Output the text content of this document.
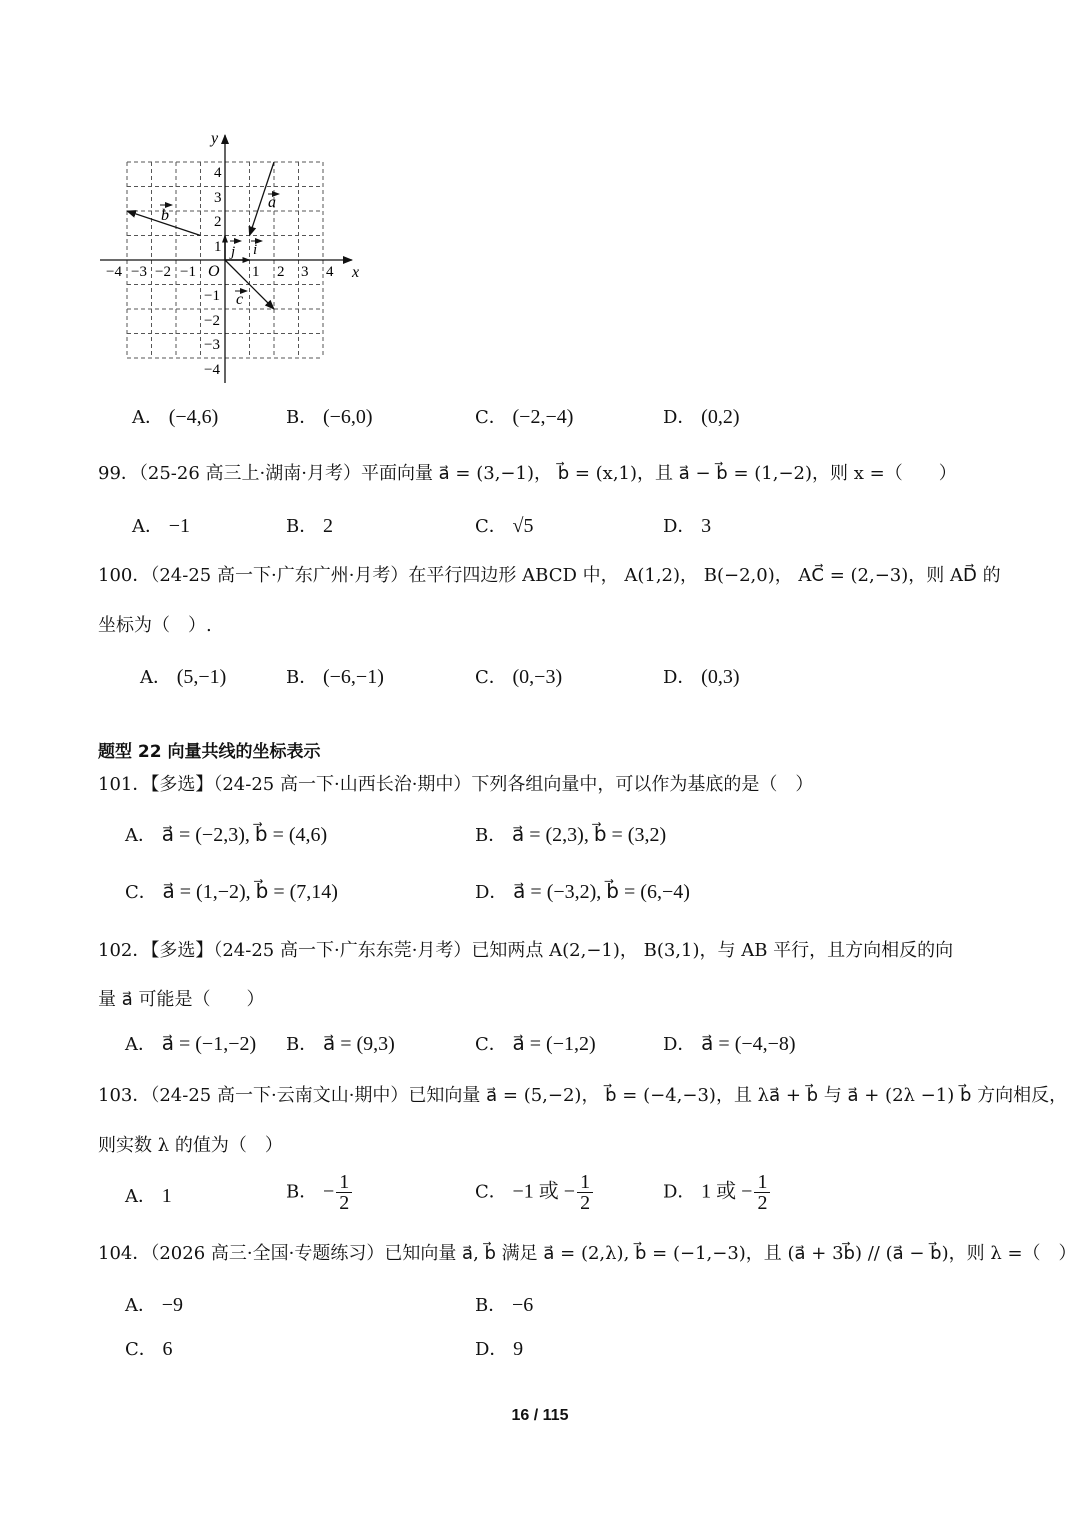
y
x
O
−4 −3 −2 −1	1 2 3 4
4
3
2
1
−1
−2
−3
−4
a
b
c
i
j
A． (−4,6)	B． (−6,0)	C． (−2,−4)	D． (0,2)
99．（25-26 高三上·湖南·月考）平面向量 a⃗ = (3,−1)， b⃗ = (x,1)，且 a⃗ − b⃗ = (1,−2)，则 x =（　　）
A． −1	B． 2	C． √5	D． 3
100．（24-25 高一下·广东广州·月考）在平行四边形 ABCD 中， A(1,2)， B(−2,0)， AC⃗ = (2,−3)，则 AD⃗ 的
坐标为（　）.
A． (5,−1)	B． (−6,−1)	C． (0,−3)	D． (0,3)
题型 22 向量共线的坐标表示
101．【多选】（24-25 高一下·山西长治·期中）下列各组向量中，可以作为基底的是（　）
A． a⃗ = (−2,3), b⃗ = (4,6)	B． a⃗ = (2,3), b⃗ = (3,2)
C． a⃗ = (1,−2), b⃗ = (7,14)	D． a⃗ = (−3,2), b⃗ = (6,−4)
102．【多选】（24-25 高一下·广东东莞·月考）已知两点 A(2,−1)， B(3,1)，与 AB 平行，且方向相反的向
量 a⃗ 可能是（　　）
A． a⃗ = (−1,−2) B． a⃗ = (9,3)	C． a⃗ = (−1,2)	D． a⃗ = (−4,−8)
103．（24-25 高一下·云南文山·期中）已知向量 a⃗ = (5,−2)， b⃗ = (−4,−3)，且 λa⃗ + b⃗ 与 a⃗ + (2λ −1) b⃗ 方向相反，
则实数 λ 的值为（　）
A． 1	B． − $\frac{1}{2}$	C． −1 或 − $\frac{1}{2}$	D． 1 或 − $\frac{1}{2}$
104．（2026 高三·全国·专题练习）已知向量 a⃗, b⃗ 满足 a⃗ = (2,λ), b⃗ = (−1,−3)，且 (a⃗ + 3b⃗) // (a⃗ − b⃗)，则 λ =（　）
A． −9	B． −6
C． 6	D． 9
16 / 115
